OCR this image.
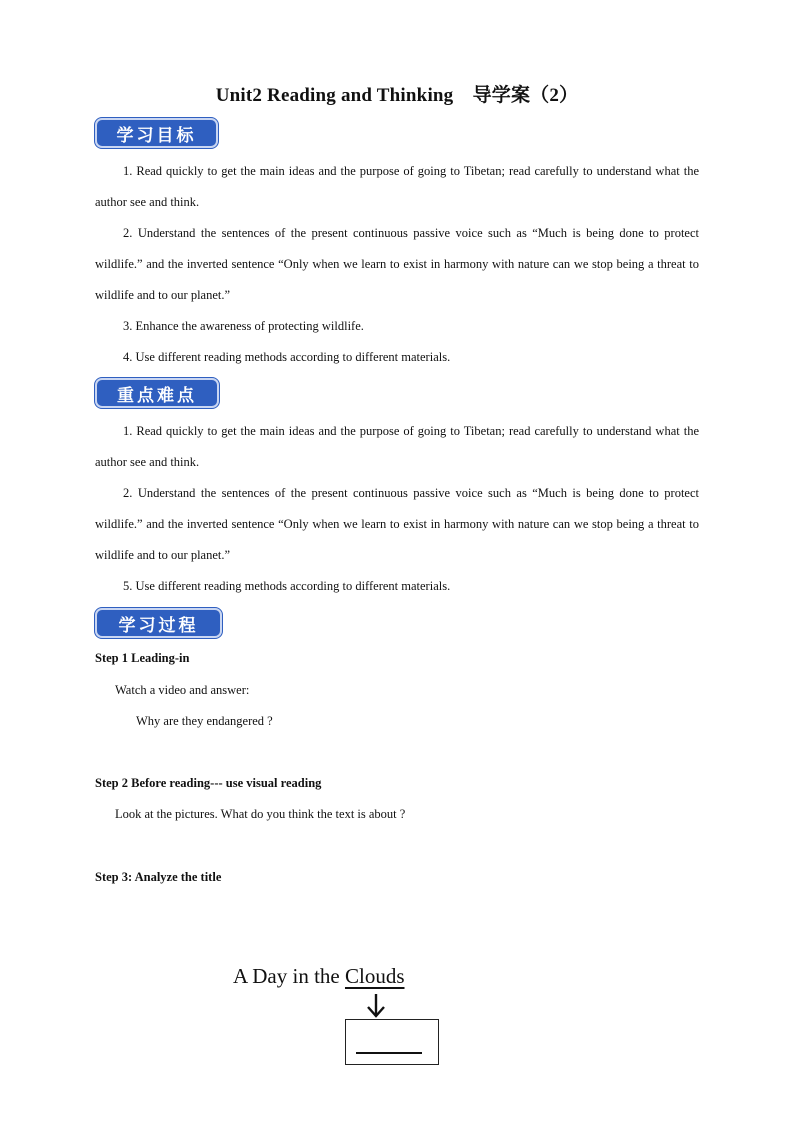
Unit2 Reading and Thinking　导学案（2）
学习目标
1. Read quickly to get the main ideas and the purpose of going to Tibetan; read carefully to understand what the author see and think.
2. Understand the sentences of the present continuous passive voice such as “Much is being done to protect wildlife.” and the inverted sentence “Only when we learn to exist in harmony with nature can we stop being a threat to wildlife and to our planet.”
3. Enhance the awareness of protecting wildlife.
4. Use different reading methods according to different materials.
重点难点
1. Read quickly to get the main ideas and the purpose of going to Tibetan; read carefully to understand what the author see and think.
2. Understand the sentences of the present continuous passive voice such as “Much is being done to protect wildlife.” and the inverted sentence “Only when we learn to exist in harmony with nature can we stop being a threat to wildlife and to our planet.”
5. Use different reading methods according to different materials.
学习过程
Step 1 Leading-in
Watch a video and answer:
Why are they endangered ?
Step 2 Before reading--- use visual reading
Look at the pictures. What do you think the text is about ?
Step 3: Analyze the title
A Day in the Clouds
